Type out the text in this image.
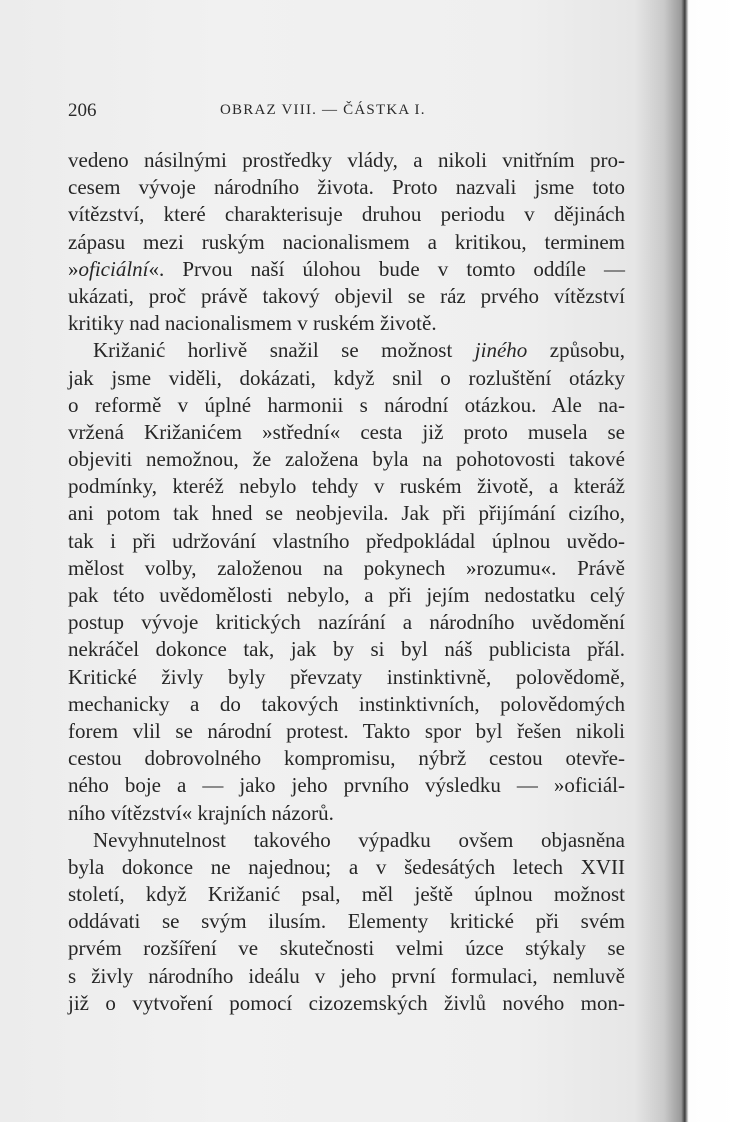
206	OBRAZ VIII. — ČÁSTKA I.
vedeno násilnými prostředky vlády, a nikoli vnitřním pro-
cesem vývoje národního života. Proto nazvali jsme toto
vítězství, které charakterisuje druhou periodu v dějinách
zápasu mezi ruským nacionalismem a kritikou, terminem
»oficiální«. Prvou naší úlohou bude v tomto oddíle —
ukázati, proč právě takový objevil se ráz prvého vítězství
kritiky nad nacionalismem v ruském životě.
Križanić horlivě snažil se možnost jiného způsobu,
jak jsme viděli, dokázati, když snil o rozluštění otázky
o reformě v úplné harmonii s národní otázkou. Ale na-
vržená Križanićem »střední« cesta již proto musela se
objeviti nemožnou, že založena byla na pohotovosti takové
podmínky, kteréž nebylo tehdy v ruském životě, a kteráž
ani potom tak hned se neobjevila. Jak při přijímání cizího,
tak i při udržování vlastního předpokládal úplnou uvědo-
mělost volby, založenou na pokynech »rozumu«. Právě
pak této uvědomělosti nebylo, a při jejím nedostatku celý
postup vývoje kritických nazírání a národního uvědomění
nekráčel dokonce tak, jak by si byl náš publicista přál.
Kritické živly byly převzaty instinktivně, polovědomě,
mechanicky a do takových instinktivních, polovědomých
forem vlil se národní protest. Takto spor byl řešen nikoli
cestou dobrovolného kompromisu, nýbrž cestou otevře-
ného boje a — jako jeho prvního výsledku — »oficiál-
ního vítězství« krajních názorů.
Nevyhnutelnost takového výpadku ovšem objasněna
byla dokonce ne najednou; a v šedesátých letech XVII
století, když Križanić psal, měl ještě úplnou možnost
oddávati se svým ilusím. Elementy kritické při svém
prvém rozšíření ve skutečnosti velmi úzce stýkaly se
s živly národního ideálu v jeho první formulaci, nemluvě
již o vytvoření pomocí cizozemských živlů nového mon-
